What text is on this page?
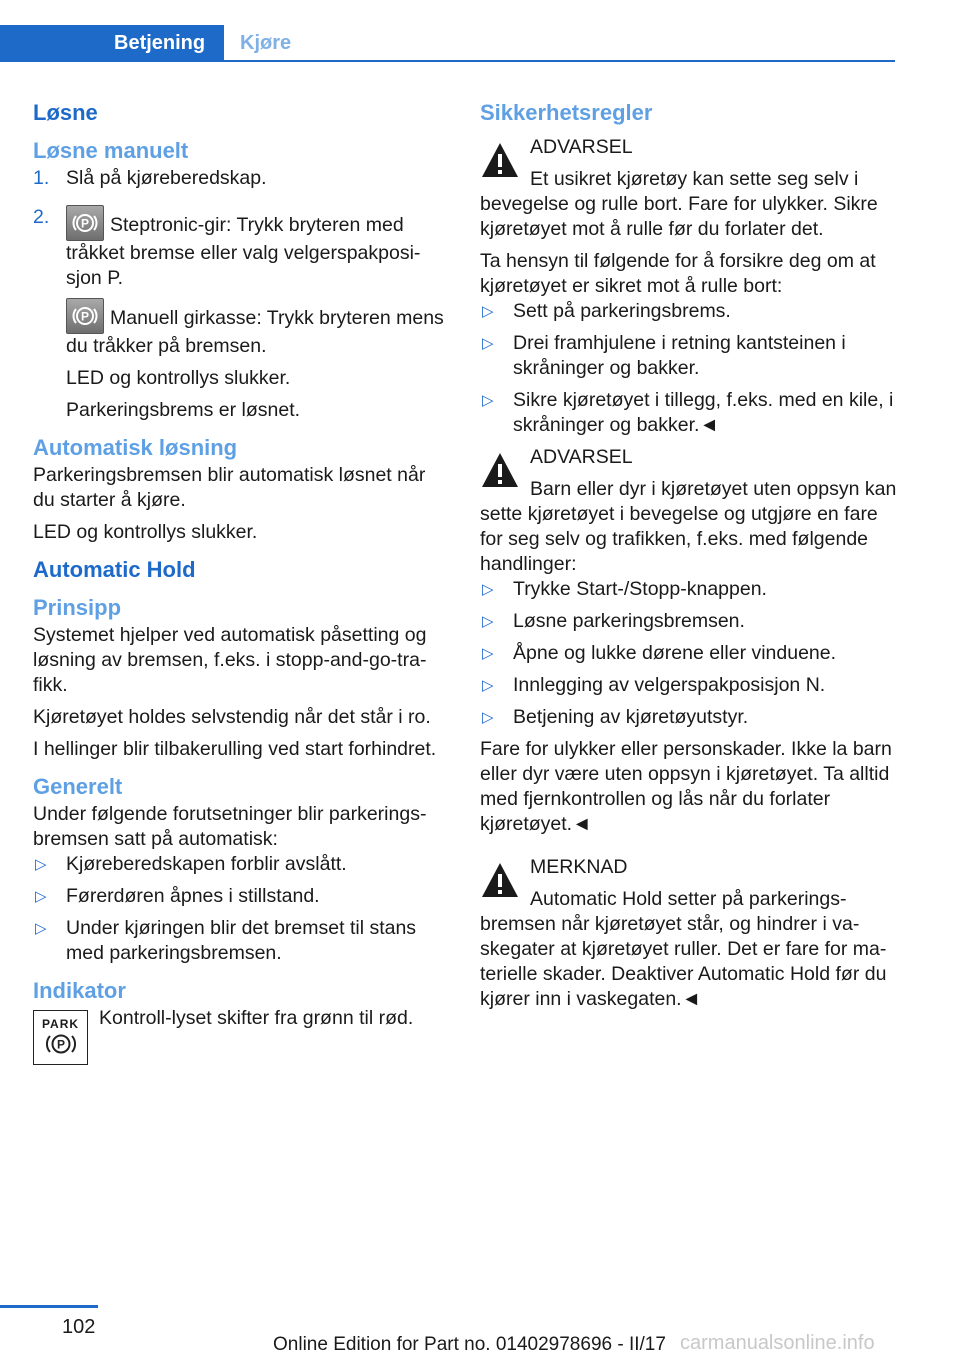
Betjening	Kjøre
Løsne
Løsne manuelt
1. Slå på kjøreberedskap.
2.	P Steptronic-gir: Trykk bryteren med tråkket bremse eller valg velgerspakposisjon P.
P Manuell girkasse: Trykk bryteren mens du tråkker på bremsen.

LED og kontrollys slukker.

Parkeringsbrems er løsnet.

Automatisk løsning

Parkeringsbremsen blir automatisk løsnet når du starter å kjøre.

LED og kontrollys slukker.

Automatic Hold
Prinsipp

Systemet hjelper ved automatisk påsetting og løsning av bremsen, f.eks. i stopp-and-go-trafikk.

Kjøretøyet holdes selvstendig når det står i ro.

I hellinger blir tilbakerulling ved start forhindret.

Generelt

Under følgende forutsetninger blir parkeringsbremsen satt på automatisk:

▷ Kjøreberedskapen forblir avslått.
▷ Førerdøren åpnes i stillstand.
▷ Under kjøringen blir det bremset til stans med parkeringsbremsen.
Indikator
PARK
P

Kontroll-lyset skifter fra grønn til rød.

Sikkerhetsregler

ADVARSEL

Et usikret kjøretøy kan sette seg selv i bevegelse og rulle bort. Fare for ulykker. Sikre kjøretøyet mot å rulle før du forlater det.

Ta hensyn til følgende for å forsikre deg om at kjøretøyet er sikret mot å rulle bort:

▷ Sett på parkeringsbrems.
▷ Drei framhjulene i retning kantsteinen i skråninger og bakker.
▷ Sikre kjøretøyet i tillegg, f.eks. med en kile, i skråninger og bakker.◄

ADVARSEL

Barn eller dyr i kjøretøyet uten oppsyn kan sette kjøretøyet i bevegelse og utgjøre en fare for seg selv og trafikken, f.eks. med følgende handlinger:

▷ Trykke Start-/Stopp-knappen.
▷ Løsne parkeringsbremsen.
▷ Åpne og lukke dørene eller vinduene.
▷ Innlegging av velgerspakposisjon N.
▷ Betjening av kjøretøyutstyr.

Fare for ulykker eller personskader. Ikke la barn eller dyr være uten oppsyn i kjøretøyet. Ta alltid med fjernkontrollen og lås når du forlater kjøretøyet.◄

MERKNAD

Automatic Hold setter på parkeringsbremsen når kjøretøyet står, og hindrer i vaskegater at kjøretøyet ruller. Det er fare for materielle skader. Deaktiver Automatic Hold før du kjører inn i vaskegaten.◄

102
Online Edition for Part no. 01402978696 - II/17 carmanualsonline.info
